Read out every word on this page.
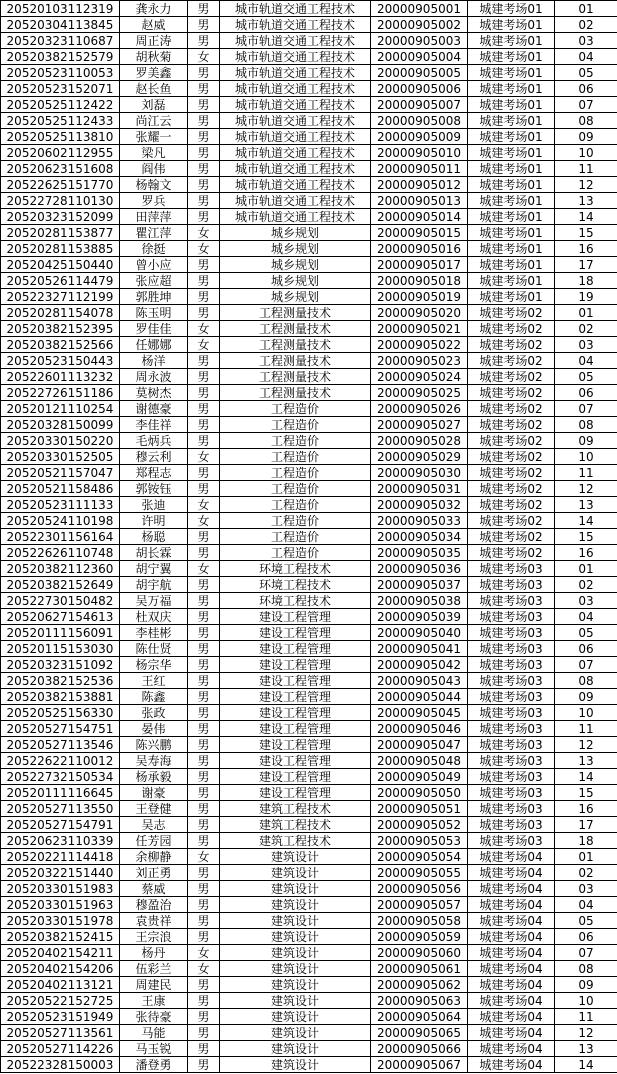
20520103112319	龚永力	男	城市轨道交通工程技术	20000905001	城建考场01	01
20520304113845	赵威	男	城市轨道交通工程技术	20000905002	城建考场01	02
20520323110687	周正涛	男	城市轨道交通工程技术	20000905003	城建考场01	03
20520382152579	胡秋菊	女	城市轨道交通工程技术	20000905004	城建考场01	04
20520523110053	罗美鑫	男	城市轨道交通工程技术	20000905005	城建考场01	05
20520523152071	赵长鱼	男	城市轨道交通工程技术	20000905006	城建考场01	06
20520525112422	刘磊	男	城市轨道交通工程技术	20000905007	城建考场01	07
20520525112433	尚江云	男	城市轨道交通工程技术	20000905008	城建考场01	08
20520525113810	张耀一	男	城市轨道交通工程技术	20000905009	城建考场01	09
20520602112955	梁凡	男	城市轨道交通工程技术	20000905010	城建考场01	10
20520623151608	阎伟	男	城市轨道交通工程技术	20000905011	城建考场01	11
20522625151770	杨翰文	男	城市轨道交通工程技术	20000905012	城建考场01	12
20522728110130	罗兵	男	城市轨道交通工程技术	20000905013	城建考场01	13
20520323152099	田萍萍	男	城市轨道交通工程技术	20000905014	城建考场01	14
20520281153877	瞿江萍	女	城乡规划	20000905015	城建考场01	15
20520281153885	徐挺	女	城乡规划	20000905016	城建考场01	16
20520425150440	曾小应	男	城乡规划	20000905017	城建考场01	17
20520526114479	张应超	男	城乡规划	20000905018	城建考场01	18
20522327112199	郭胜坤	男	城乡规划	20000905019	城建考场01	19
20520281154078	陈玉明	男	工程测量技术	20000905020	城建考场02	01
20520382152395	罗佳佳	女	工程测量技术	20000905021	城建考场02	02
20520382152566	任娜娜	女	工程测量技术	20000905022	城建考场02	03
20520523150443	杨洋	男	工程测量技术	20000905023	城建考场02	04
20522601113232	周永波	男	工程测量技术	20000905024	城建考场02	05
20522726151186	莫树杰	男	工程测量技术	20000905025	城建考场02	06
20520121110254	谢德豪	男	工程造价	20000905026	城建考场02	07
20520328150099	李佳祥	男	工程造价	20000905027	城建考场02	08
20520330150220	毛炳兵	男	工程造价	20000905028	城建考场02	09
20520330152505	穆云利	女	工程造价	20000905029	城建考场02	10
20520521157047	郑程志	男	工程造价	20000905030	城建考场02	11
20520521158486	郭铵钰	男	工程造价	20000905031	城建考场02	12
20520523111133	张迪	女	工程造价	20000905032	城建考场02	13
20520524110198	许明	女	工程造价	20000905033	城建考场02	14
20522301156164	杨聪	男	工程造价	20000905034	城建考场02	15
20522626110748	胡长霖	男	工程造价	20000905035	城建考场02	16
20520382112360	胡宁翼	女	环境工程技术	20000905036	城建考场03	01
20520382152649	胡宇航	男	环境工程技术	20000905037	城建考场03	02
20522730150482	吴万福	男	环境工程技术	20000905038	城建考场03	03
20520627154613	杜双庆	男	建设工程管理	20000905039	城建考场03	04
20520111156091	李桂彬	男	建设工程管理	20000905040	城建考场03	05
20520115153030	陈仕贤	男	建设工程管理	20000905041	城建考场03	06
20520323151092	杨宗华	男	建设工程管理	20000905042	城建考场03	07
20520382152536	王红	男	建设工程管理	20000905043	城建考场03	08
20520382153881	陈鑫	男	建设工程管理	20000905044	城建考场03	09
20520525156330	张政	男	建设工程管理	20000905045	城建考场03	10
20520527154751	晏伟	男	建设工程管理	20000905046	城建考场03	11
20520527113546	陈兴鹏	男	建设工程管理	20000905047	城建考场03	12
20522622110012	吴寿海	男	建设工程管理	20000905048	城建考场03	13
20522732150534	杨承毅	男	建设工程管理	20000905049	城建考场03	14
20520111116645	谢豪	男	建设工程管理	20000905050	城建考场03	15
20520527113550	王登健	男	建筑工程技术	20000905051	城建考场03	16
20520527154791	吴志	男	建筑工程技术	20000905052	城建考场03	17
20520623110339	任芳园	男	建筑工程技术	20000905053	城建考场03	18
20520221114418	余柳静	女	建筑设计	20000905054	城建考场04	01
20520322151440	刘正勇	男	建筑设计	20000905055	城建考场04	02
20520330151983	蔡威	男	建筑设计	20000905056	城建考场04	03
20520330151963	穆盈治	男	建筑设计	20000905057	城建考场04	04
20520330151978	袁贵祥	男	建筑设计	20000905058	城建考场04	05
20520382152415	王宗浪	男	建筑设计	20000905059	城建考场04	06
20520402154211	杨丹	女	建筑设计	20000905060	城建考场04	07
20520402154206	伍彩兰	女	建筑设计	20000905061	城建考场04	08
20520402113121	周建民	男	建筑设计	20000905062	城建考场04	09
20520522152725	王康	男	建筑设计	20000905063	城建考场04	10
20520523151949	张待豪	男	建筑设计	20000905064	城建考场04	11
20520527113561	马能	男	建筑设计	20000905065	城建考场04	12
20520527114226	马玉锐	男	建筑设计	20000905066	城建考场04	13
20522328150003	潘登勇	男	建筑设计	20000905067	城建考场04	14
